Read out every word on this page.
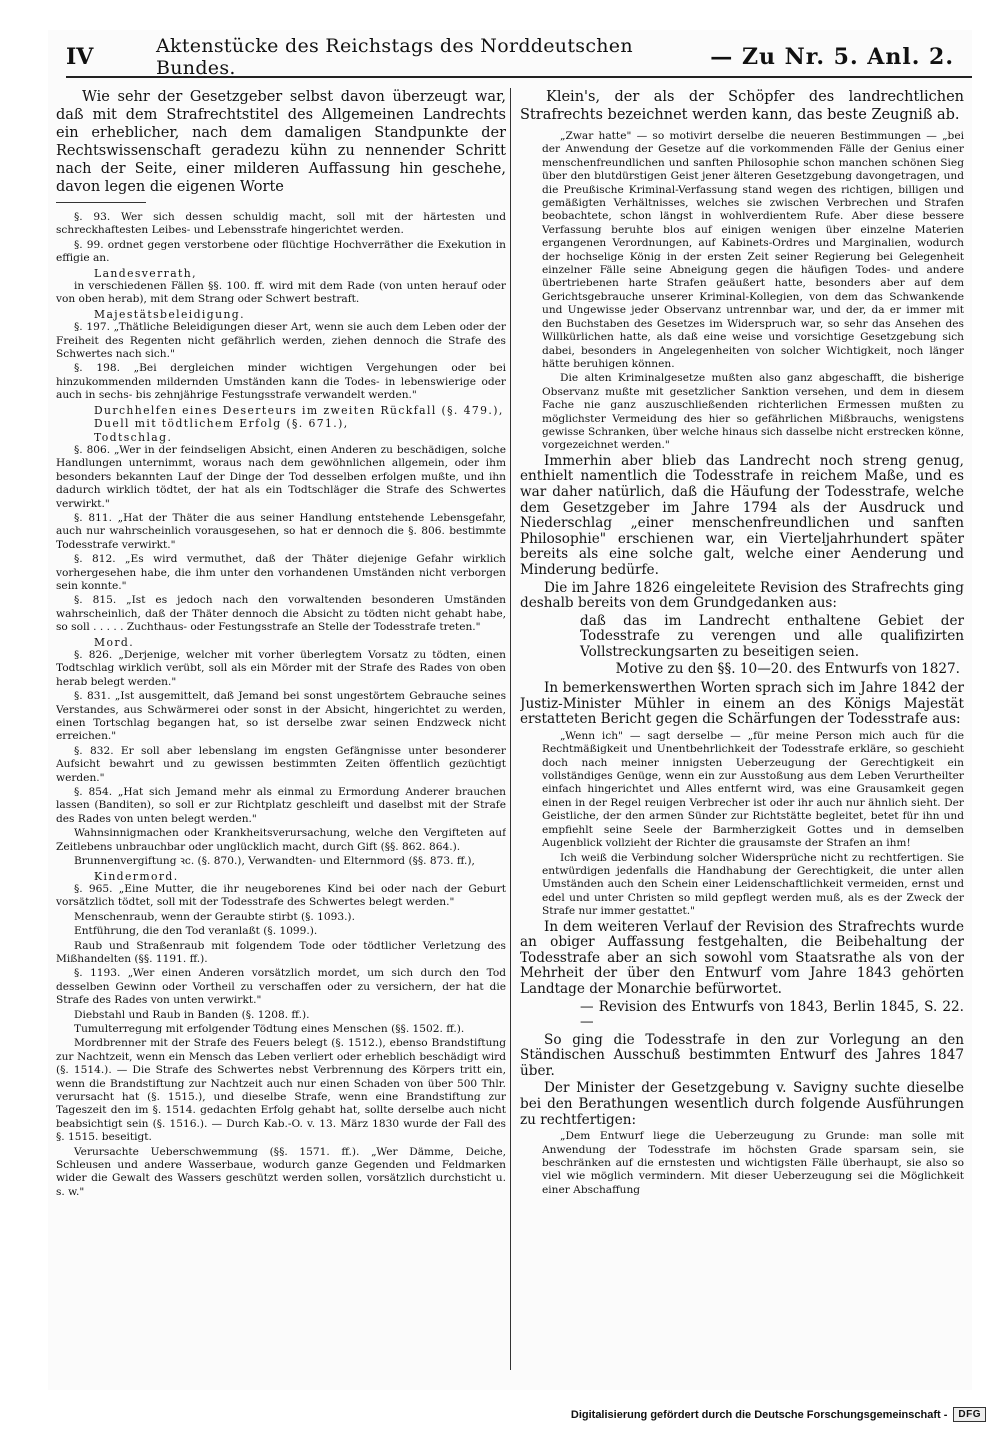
IV	Aktenstücke des Reichstags des Norddeutschen Bundes.	— Zu Nr. 5. Anl. 2.

Wie sehr der Gesetzgeber selbst davon überzeugt war, daß mit dem Strafrechtstitel des Allgemeinen Landrechts ein erheblicher, nach dem damaligen Standpunkte der Rechtswissenschaft geradezu kühn zu nennender Schritt nach der Seite, einer milderen Auffassung hin geschehe, davon legen die eigenen Worte

§. 93. Wer sich dessen schuldig macht, soll mit der härtesten und schreckhaftesten Leibes- und Lebensstrafe hingerichtet werden.

§. 99. ordnet gegen verstorbene oder flüchtige Hochverräther die Exekution in effigie an.

Landesverrath,

in verschiedenen Fällen §§. 100. ff. wird mit dem Rade (von unten herauf oder von oben herab), mit dem Strang oder Schwert bestraft.

Majestätsbeleidigung.

§. 197. „Thätliche Beleidigungen dieser Art, wenn sie auch dem Leben oder der Freiheit des Regenten nicht gefährlich werden, ziehen dennoch die Strafe des Schwertes nach sich."

§. 198. „Bei dergleichen minder wichtigen Vergehungen oder bei hinzukommenden mildernden Umständen kann die Todes- in lebenswierige oder auch in sechs- bis zehnjährige Festungsstrafe verwandelt werden."

Durchhelfen eines Deserteurs im zweiten Rückfall (§. 479.),

Duell mit tödtlichem Erfolg (§. 671.),

Todtschlag.

§. 806. „Wer in der feindseligen Absicht, einen Anderen zu beschädigen, solche Handlungen unternimmt, woraus nach dem gewöhnlichen allgemein, oder ihm besonders bekannten Lauf der Dinge der Tod desselben erfolgen mußte, und ihn dadurch wirklich tödtet, der hat als ein Todtschläger die Strafe des Schwertes verwirkt."

§. 811. „Hat der Thäter die aus seiner Handlung entstehende Lebensgefahr, auch nur wahrscheinlich vorausgesehen, so hat er dennoch die §. 806. bestimmte Todesstrafe verwirkt."

§. 812. „Es wird vermuthet, daß der Thäter diejenige Gefahr wirklich vorhergesehen habe, die ihm unter den vorhandenen Umständen nicht verborgen sein konnte."

§. 815. „Ist es jedoch nach den vorwaltenden besonderen Umständen wahrscheinlich, daß der Thäter dennoch die Absicht zu tödten nicht gehabt habe, so soll . . . . . Zuchthaus- oder Festungsstrafe an Stelle der Todesstrafe treten."

Mord.

§. 826. „Derjenige, welcher mit vorher überlegtem Vorsatz zu tödten, einen Todtschlag wirklich verübt, soll als ein Mörder mit der Strafe des Rades von oben herab belegt werden."

§. 831. „Ist ausgemittelt, daß Jemand bei sonst ungestörtem Gebrauche seines Verstandes, aus Schwärmerei oder sonst in der Absicht, hingerichtet zu werden, einen Tortschlag begangen hat, so ist derselbe zwar seinen Endzweck nicht erreichen."

§. 832. Er soll aber lebenslang im engsten Gefängnisse unter besonderer Aufsicht bewahrt und zu gewissen bestimmten Zeiten öffentlich gezüchtigt werden."

§. 854. „Hat sich Jemand mehr als einmal zu Ermordung Anderer brauchen lassen (Banditen), so soll er zur Richtplatz geschleift und daselbst mit der Strafe des Rades von unten belegt werden."

Wahnsinnigmachen oder Krankheitsverursachung, welche den Vergifteten auf Zeitlebens unbrauchbar oder unglücklich macht, durch Gift (§§. 862. 864.).

Brunnenvergiftung ꝛc. (§. 870.), Verwandten- und Elternmord (§§. 873. ff.),

Kindermord.

§. 965. „Eine Mutter, die ihr neugeborenes Kind bei oder nach der Geburt vorsätzlich tödtet, soll mit der Todesstrafe des Schwertes belegt werden."

Menschenraub, wenn der Geraubte stirbt (§. 1093.).

Entführung, die den Tod veranlaßt (§. 1099.).

Raub und Straßenraub mit folgendem Tode oder tödtlicher Verletzung des Mißhandelten (§§. 1191. ff.).

§. 1193. „Wer einen Anderen vorsätzlich mordet, um sich durch den Tod desselben Gewinn oder Vortheil zu verschaffen oder zu versichern, der hat die Strafe des Rades von unten verwirkt."

Diebstahl und Raub in Banden (§. 1208. ff.).

Tumulterregung mit erfolgender Tödtung eines Menschen (§§. 1502. ff.).

Mordbrenner mit der Strafe des Feuers belegt (§. 1512.), ebenso Brandstiftung zur Nachtzeit, wenn ein Mensch das Leben verliert oder erheblich beschädigt wird (§. 1514.). — Die Strafe des Schwertes nebst Verbrennung des Körpers tritt ein, wenn die Brandstiftung zur Nachtzeit auch nur einen Schaden von über 500 Thlr. verursacht hat (§. 1515.), und dieselbe Strafe, wenn eine Brandstiftung zur Tageszeit den im §. 1514. gedachten Erfolg gehabt hat, sollte derselbe auch nicht beabsichtigt sein (§. 1516.). — Durch Kab.-O. v. 13. März 1830 wurde der Fall des §. 1515. beseitigt.

Verursachte Ueberschwemmung (§§. 1571. ff.). „Wer Dämme, Deiche, Schleusen und andere Wasserbaue, wodurch ganze Gegenden und Feldmarken wider die Gewalt des Wassers geschützt werden sollen, vorsätzlich durchsticht u. s. w."

Klein's, der als der Schöpfer des landrechtlichen Strafrechts bezeichnet werden kann, das beste Zeugniß ab.

„Zwar hatte" — so motivirt derselbe die neueren Bestimmungen — „bei der Anwendung der Gesetze auf die vorkommenden Fälle der Genius einer menschenfreundlichen und sanften Philosophie schon manchen schönen Sieg über den blutdürstigen Geist jener älteren Gesetzgebung davongetragen, und die Preußische Kriminal-Verfassung stand wegen des richtigen, billigen und gemäßigten Verhältnisses, welches sie zwischen Verbrechen und Strafen beobachtete, schon längst in wohlverdientem Rufe. Aber diese bessere Verfassung beruhte blos auf einigen wenigen über einzelne Materien ergangenen Verordnungen, auf Kabinets-Ordres und Marginalien, wodurch der hochselige König in der ersten Zeit seiner Regierung bei Gelegenheit einzelner Fälle seine Abneigung gegen die häufigen Todes- und andere übertriebenen harte Strafen geäußert hatte, besonders aber auf dem Gerichtsgebrauche unserer Kriminal-Kollegien, von dem das Schwankende und Ungewisse jeder Observanz untrennbar war, und der, da er immer mit den Buchstaben des Gesetzes im Widerspruch war, so sehr das Ansehen des Willkürlichen hatte, als daß eine weise und vorsichtige Gesetzgebung sich dabei, besonders in Angelegenheiten von solcher Wichtigkeit, noch länger hätte beruhigen können.

Die alten Kriminalgesetze mußten also ganz abgeschafft, die bisherige Observanz mußte mit gesetzlicher Sanktion versehen, und dem in diesem Fache nie ganz auszuschließenden richterlichen Ermessen mußten zu möglichster Vermeidung des hier so gefährlichen Mißbrauchs, wenigstens gewisse Schranken, über welche hinaus sich dasselbe nicht erstrecken könne, vorgezeichnet werden."

Immerhin aber blieb das Landrecht noch streng genug, enthielt namentlich die Todesstrafe in reichem Maße, und es war daher natürlich, daß die Häufung der Todesstrafe, welche dem Gesetzgeber im Jahre 1794 als der Ausdruck und Niederschlag „einer menschenfreundlichen und sanften Philosophie" erschienen war, ein Vierteljahrhundert später bereits als eine solche galt, welche einer Aenderung und Minderung bedürfe.

Die im Jahre 1826 eingeleitete Revision des Strafrechts ging deshalb bereits von dem Grundgedanken aus:

daß das im Landrecht enthaltene Gebiet der Todesstrafe zu verengen und alle qualifizirten Vollstreckungsarten zu beseitigen seien.

Motive zu den §§. 10—20. des Entwurfs von 1827.

In bemerkenswerthen Worten sprach sich im Jahre 1842 der Justiz-Minister Mühler in einem an des Königs Majestät erstatteten Bericht gegen die Schärfungen der Todesstrafe aus:

„Wenn ich" — sagt derselbe — „für meine Person mich auch für die Rechtmäßigkeit und Unentbehrlichkeit der Todesstrafe erkläre, so geschieht doch nach meiner innigsten Ueberzeugung der Gerechtigkeit ein vollständiges Genüge, wenn ein zur Ausstoßung aus dem Leben Verurtheilter einfach hingerichtet und Alles entfernt wird, was eine Grausamkeit gegen einen in der Regel reuigen Verbrecher ist oder ihr auch nur ähnlich sieht. Der Geistliche, der den armen Sünder zur Richtstätte begleitet, betet für ihn und empfiehlt seine Seele der Barmherzigkeit Gottes und in demselben Augenblick vollzieht der Richter die grausamste der Strafen an ihm!

Ich weiß die Verbindung solcher Widersprüche nicht zu rechtfertigen. Sie entwürdigen jedenfalls die Handhabung der Gerechtigkeit, die unter allen Umständen auch den Schein einer Leidenschaftlichkeit vermeiden, ernst und edel und unter Christen so mild gepflegt werden muß, als es der Zweck der Strafe nur immer gestattet."

In dem weiteren Verlauf der Revision des Strafrechts wurde an obiger Auffassung festgehalten, die Beibehaltung der Todesstrafe aber an sich sowohl vom Staatsrathe als von der Mehrheit der über den Entwurf vom Jahre 1843 gehörten Landtage der Monarchie befürwortet.

— Revision des Entwurfs von 1843, Berlin 1845, S. 22. —

So ging die Todesstrafe in den zur Vorlegung an den Ständischen Ausschuß bestimmten Entwurf des Jahres 1847 über.

Der Minister der Gesetzgebung v. Savigny suchte dieselbe bei den Berathungen wesentlich durch folgende Ausführungen zu rechtfertigen:

„Dem Entwurf liege die Ueberzeugung zu Grunde: man solle mit Anwendung der Todesstrafe im höchsten Grade sparsam sein, sie beschränken auf die ernstesten und wichtigsten Fälle überhaupt, sie also so viel wie möglich vermindern. Mit dieser Ueberzeugung sei die Möglichkeit einer Abschaffung

Digitalisierung gefördert durch die Deutsche Forschungsgemeinschaft -	DFG
